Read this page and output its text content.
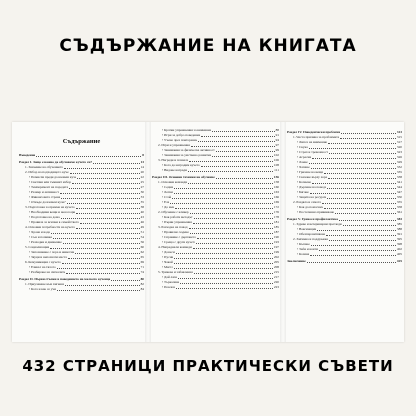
СЪДЪРЖАНИЕ НА КНИГАТА
Съдържание
Въведение	8
Раздел I. Защо е важно да обучаваме кучето си?	13
1. Значение на обучението	14
2. Избор на подходящото куче	20
• Помисли преди да вземеш куче	22
• Светлия или тъмният избор	25
• Темперамент на породата	27
• Размер и активност	30
• Финансовата страна	33
• Откъде да вземем куче?	35
3. Подготовка за приема на кучето	38
• Необходими вещи и аксесоари	40
• Подготовка на дома	43
• Правила за всички в семейството	46
4. Основни потребности на кучето	49
• Храна и вода	51
• Сън и почивка	54
• Разходки и движение	56
5. Социализация	60
• Запознаване с хора и животни	62
• Звуци и непознати места	65
6. Комуникация с кучето	69
• Езикът на тялото	71
• Разбиране на сигналите	74
Раздел II. Първи стъпки в поведението на малкото кученце	80
1. Приучаване към хигиена	82
• Кога и как се учи	84
• Кратки упражнения за внимание	88
• Игри за добро поведение	91
• Учене чрез повторение	94
2. Игри и упражнения	97
• Занимания за физическа активност	99
• Занимания за умствено развитие	102
3. Награди и похвала	106
• Кога да наградим кучето	108
• Видове награди	111
Раздел III. Основни техники на обучение	156
1. Основни команди	158
• Седни	160
• Легни	163
• Стой	166
• Ела	169
• До мен	172
2. Обучение с кликер	176
• Как работи методът	178
• Първи упражнения	181
3. Разходка на повод	185
• Правилно ходене	187
• Справяне с дърпането	190
• Среща с други кучета	193
4. Напреднали команди	197
• Донеси	199
• Пусни	202
• Чакай	205
• Място	208
5. Трикове и забавления	215
• Дай лапа	217
• Търкаляне	220
• Поклон	223
Раздел IV. Поведенчески проблеми	313
1. Честа причина за проблемите	315
• Липса на внимание	317
• Скука	320
• Страх и тревожност	323
• Агресия	326
• Лаене	329
• Хапане	332
• Гризане на вещи	335
• Скачане върху хора	338
• Копаене	341
• Дърпане на повода	344
• Бягане	347
• Защита на ресурси	350
2. Раздяла и самота	355
• Как да помогнем	358
• Постепенно привикване	361
Раздел V. Грижа и профилактика	383
1. Здраве и ветеринарни прегледи	385
• Ваксинации	388
• Обезпаразитяване	391
2. Хигиена и поддръжка	395
• Къпане	398
• Зъби и нокти	402
• Козина	405
Заключение	425
432 СТРАНИЦИ ПРАКТИЧЕСКИ СЪВЕТИ
